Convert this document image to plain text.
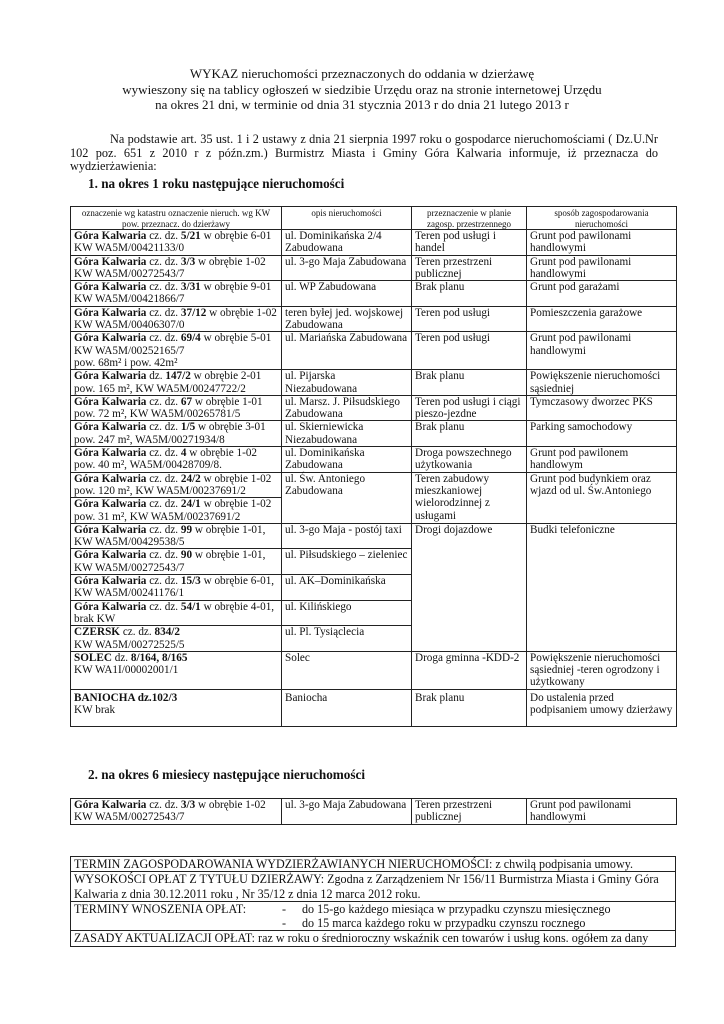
WYKAZ nieruchomości przeznaczonych do oddania w dzierżawę
wywieszony się na tablicy ogłoszeń w siedzibie Urzędu oraz na stronie internetowej Urzędu
na okres 21 dni, w terminie od dnia 31 stycznia 2013 r do dnia 21 lutego 2013 r

Na podstawie art. 35 ust. 1 i 2 ustawy z dnia 21 sierpnia 1997 roku o gospodarce nieruchomościami ( Dz.U.Nr 102 poz. 651 z 2010 r z późn.zm.) Burmistrz Miasta i Gminy Góra Kalwaria informuje, iż przeznacza do wydzierżawienia:

1. na okres 1 roku następujące nieruchomości
oznaczenie wg katastru oznaczenie nieruch. wg KW pow. przeznacz. do dzierżawy	opis nieruchomości	przeznaczenie w planie zagosp. przestrzennego	sposób zagospodarowania nieruchomości
Góra Kalwaria cz. dz. 5/21 w obrębie 6-01
KW WA5M/00421133/0	ul. Dominikańska 2/4 Zabudowana	Teren pod usługi i handel	Grunt pod pawilonami handlowymi
Góra Kalwaria cz. dz. 3/3 w obrębie 1-02
KW WA5M/00272543/7	ul. 3-go Maja Zabudowana	Teren przestrzeni publicznej	Grunt pod pawilonami handlowymi
Góra Kalwaria cz. dz. 3/31 w obrębie 9-01
KW WA5M/00421866/7	ul. WP Zabudowana	Brak planu	Grunt pod garażami
Góra Kalwaria cz. dz. 37/12 w obrębie 1-02
KW WA5M/00406307/0	teren byłej jed. wojskowej Zabudowana	Teren pod usługi	Pomieszczenia garażowe
Góra Kalwaria cz. dz. 69/4 w obrębie 5-01
KW WA5M/00252165/7
pow. 68m² i pow. 42m²	ul. Mariańska Zabudowana	Teren pod usługi	Grunt pod pawilonami handlowymi
Góra Kalwaria dz. 147/2 w obrębie 2-01
pow. 165 m², KW WA5M/00247722/2	ul. Pijarska Niezabudowana	Brak planu	Powiększenie nieruchomości sąsiedniej
Góra Kalwaria cz. dz. 67 w obrębie 1-01
pow. 72 m², KW WA5M/00265781/5	ul. Marsz. J. Piłsudskiego Zabudowana	Teren pod usługi i ciągi pieszo-jezdne	Tymczasowy dworzec PKS
Góra Kalwaria cz. dz. 1/5 w obrębie 3-01
pow. 247 m², WA5M/00271934/8	ul. Skierniewicka Niezabudowana	Brak planu	Parking samochodowy
Góra Kalwaria cz. dz. 4 w obrębie 1-02
pow. 40 m², WA5M/00428709/8.	ul. Dominikańska Zabudowana	Droga powszechnego użytkowania	Grunt pod pawilonem handlowym
Góra Kalwaria cz. dz. 24/2 w obrębie 1-02
pow. 120 m², KW WA5M/00237691/2	ul. Św. Antoniego Zabudowana	Teren zabudowy mieszkaniowej wielorodzinnej z usługami	Grunt pod budynkiem oraz wjazd od ul. Św.Antoniego
Góra Kalwaria cz. dz. 24/1 w obrębie 1-02
pow. 31 m², KW WA5M/00237691/2			
Góra Kalwaria cz. dz. 99 w obrębie 1-01,
KW WA5M/00429538/5	ul. 3-go Maja - postój taxi	Drogi dojazdowe	Budki telefoniczne
Góra Kalwaria cz. dz. 90 w obrębie 1-01,
KW WA5M/00272543/7	ul. Piłsudskiego – zieleniec		
Góra Kalwaria cz. dz. 15/3 w obrębie 6-01,
KW WA5M/00241176/1	ul. AK–Dominikańska		
Góra Kalwaria cz. dz. 54/1 w obrębie 4-01,
brak KW	ul. Kilińskiego		
CZERSK cz. dz. 834/2
KW WA5M/00272525/5	ul. Pl. Tysiąclecia		
SOLEC dz. 8/164, 8/165
KW WA1I/00002001/1	Solec	Droga gminna -KDD-2	Powiększenie nieruchomości sąsiedniej -teren ogrodzony i użytkowany
BANIOCHA dz.102/3
KW brak	Baniocha	Brak planu	Do ustalenia przed podpisaniem umowy dzierżawy
2. na okres 6 miesiecy następujące nieruchomości
Góra Kalwaria cz. dz. 3/3 w obrębie 1-02
KW WA5M/00272543/7	ul. 3-go Maja Zabudowana	Teren przestrzeni publicznej	Grunt pod pawilonami handlowymi
TERMIN ZAGOSPODAROWANIA WYDZIERŻAWIANYCH NIERUCHOMOŚCI: z chwilą podpisania umowy.
WYSOKOŚCI OPŁAT Z TYTUŁU DZIERŻAWY: Zgodna z Zarządzeniem Nr 156/11 Burmistrza Miasta i Gminy Góra Kalwaria z dnia 30.12.2011 roku , Nr 35/12 z dnia 12 marca 2012 roku.

TERMINY WNOSZENIA OPŁAT:	-	do 15-go każdego miesiąca w przypadku czynszu miesięcznego
-	do 15 marca każdego roku w przypadku czynszu rocznego

ZASADY AKTUALIZACJI OPŁAT: raz w roku o średnioroczny wskaźnik cen towarów i usług kons. ogółem za dany
